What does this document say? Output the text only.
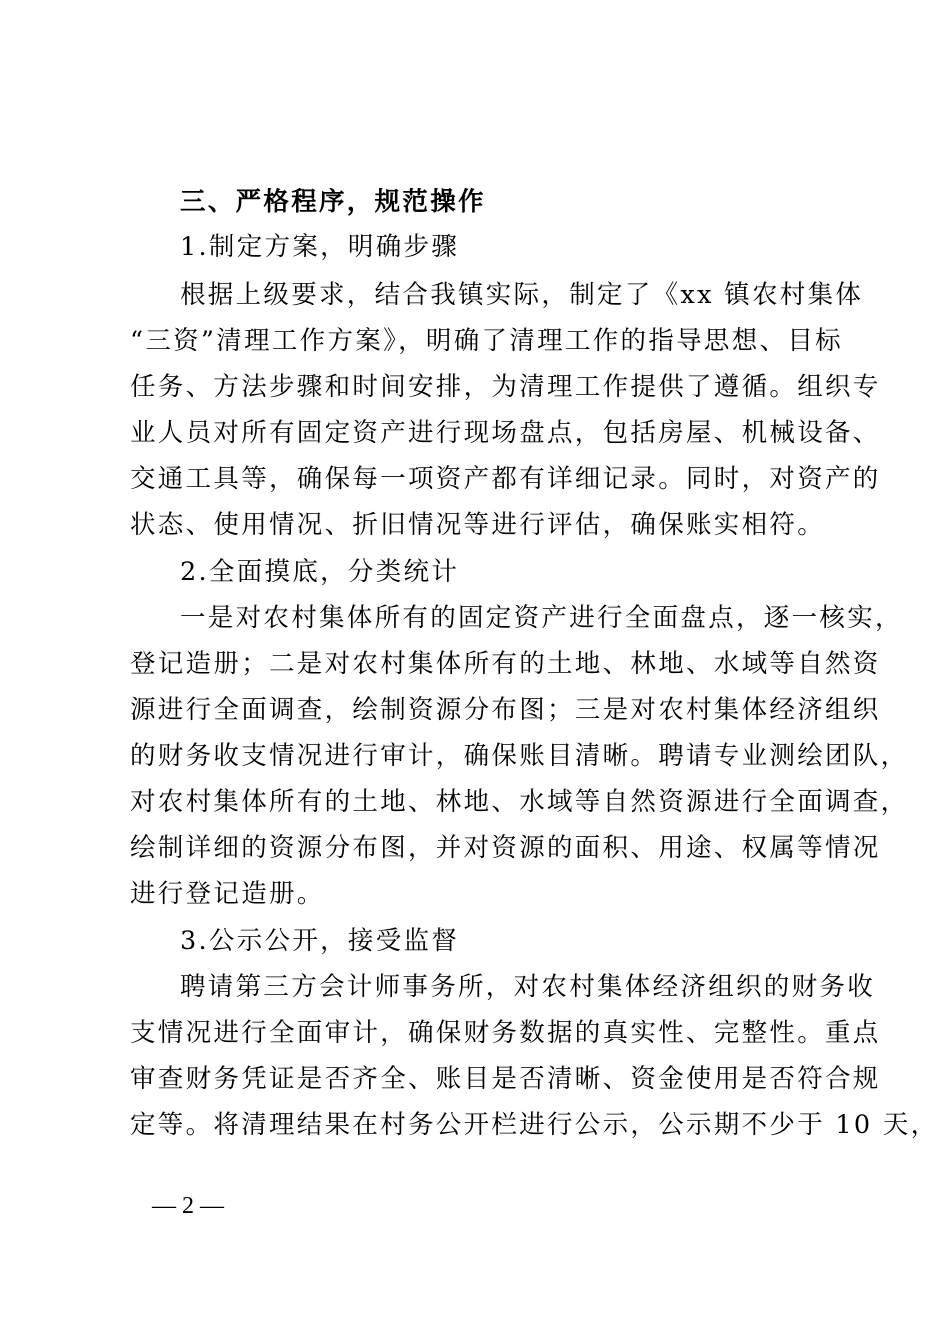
三、严格程序，规范操作
1.制定方案，明确步骤
根据上级要求，结合我镇实际，制定了《xx 镇农村集体
“三资”清理工作方案》，明确了清理工作的指导思想、目标
任务、方法步骤和时间安排，为清理工作提供了遵循。组织专
业人员对所有固定资产进行现场盘点，包括房屋、机械设备、
交通工具等，确保每一项资产都有详细记录。同时，对资产的
状态、使用情况、折旧情况等进行评估，确保账实相符。
2.全面摸底，分类统计
一是对农村集体所有的固定资产进行全面盘点，逐一核实，
登记造册；二是对农村集体所有的土地、林地、水域等自然资
源进行全面调查，绘制资源分布图；三是对农村集体经济组织
的财务收支情况进行审计，确保账目清晰。聘请专业测绘团队，
对农村集体所有的土地、林地、水域等自然资源进行全面调查，
绘制详细的资源分布图，并对资源的面积、用途、权属等情况
进行登记造册。
3.公示公开，接受监督
聘请第三方会计师事务所，对农村集体经济组织的财务收
支情况进行全面审计，确保财务数据的真实性、完整性。重点
审查财务凭证是否齐全、账目是否清晰、资金使用是否符合规
定等。将清理结果在村务公开栏进行公示，公示期不少于 10 天，
— 2 —
